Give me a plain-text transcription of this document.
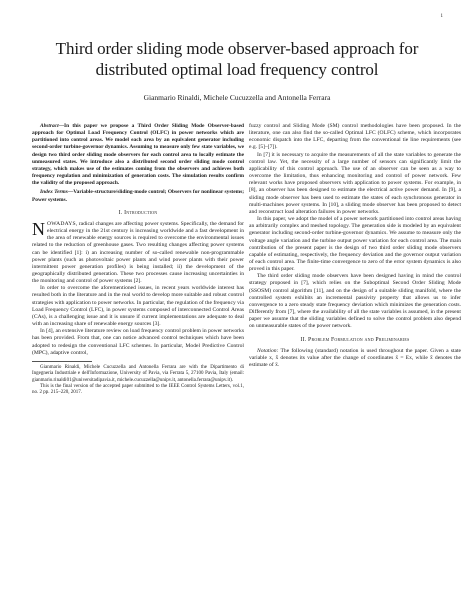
1
Third order sliding mode observer-based approach for distributed optimal load frequency control
Gianmario Rinaldi, Michele Cucuzzella and Antonella Ferrara

Abstract—In this paper we propose a Third Order Sliding Mode Observer-based approach for Optimal Load Frequency Control (OLFC) in power networks which are partitioned into control areas. We model each area by an equivalent generator including second-order turbine-governor dynamics. Assuming to measure only few state variables, we design two third order sliding mode observers for each control area to locally estimate the unmeasured states. We introduce also a distributed second order sliding mode control strategy, which makes use of the estimates coming from the observers and achieves both frequency regulation and minimization of generation costs. The simulation results confirm the validity of the proposed approach.

Index Terms—Variable-structure/sliding-mode control; Observers for nonlinear systems; Power systems.

I. Introduction

NOWADAYS, radical changes are affecting power systems. Specifically, the demand for electrical energy in the 21st century is increasing worldwide and a fast development in the area of renewable energy sources is required to overcome the environmental issues related to the reduction of greenhouse gases. Two resulting changes affecting power systems can be identified [1]: i) an increasing number of so-called renewable non-programmable power plants (such as photovoltaic power plants and wind power plants with their power intermittent power generation profiles) is being installed; ii) the development of the geographically distributed generation. These two processes cause increasing uncertainties in the monitoring and control of power systems [2].

In order to overcome the aforementioned issues, in recent years worldwide interest has resulted both in the literature and in the real world to develop more suitable and robust control strategies with application to power networks. In particular, the regulation of the frequency via Load Frequency Control (LFC), in power systems composed of interconnected Control Areas (CAs), is a challenging issue and it is unsure if current implementations are adequate to deal with an increasing share of renewable energy sources [3].

In [4], an extensive literature review on load frequency control problem in power networks has been provided. From that, one can notice advanced control techniques which have been adopted to redesign the conventional LFC schemes. In particular, Model Predictive Control (MPC), adaptive control,

Gianmario Rinaldi, Michele Cucuzzella and Antonella Ferrara are with the Dipartimento di Ingegneria Industriale e dell'Informazione, University of Pavia, via Ferrata 5, 27100 Pavia, Italy (email: gianmario.rinaldi01@universitadipavia.it, michele.cucuzzella@unipv.it, antonella.ferrara@unipv.it).

This is the final version of the accepted paper submitted to the IEEE Control Systems Letters, vol.1, no. 2 pp. 215–220, 2017.

fuzzy control and Sliding Mode (SM) control methodologies have been proposed. In the literature, one can also find the so-called Optimal LFC (OLFC) scheme, which incorporates economic dispatch into the LFC, departing from the conventional tie line requirements (see e.g. [5]–[7]).

In [7] it is necessary to acquire the measurements of all the state variables to generate the control law. Yet, the necessity of a large number of sensors can significantly limit the applicability of this control approach. The use of an observer can be seen as a way to overcome the limitation, thus enhancing monitoring and control of power network. Few relevant works have proposed observers with application to power systems. For example, in [8], an observer has been designed to estimate the electrical active power demand. In [9], a sliding mode observer has been used to estimate the states of each synchronous generator in multi-machines power systems. In [10], a sliding mode observer has been proposed to detect and reconstruct load alteration failures in power networks.

In this paper, we adopt the model of a power network partitioned into control areas having an arbitrarily complex and meshed topology. The generation side is modeled by an equivalent generator including second-order turbine-governor dynamics. We assume to measure only the voltage angle variation and the turbine output power variation for each control area. The main contribution of the present paper is the design of two third order sliding mode observers capable of estimating, respectively, the frequency deviation and the governor output variation of each control area. The finite-time convergence to zero of the error system dynamics is also proved in this paper.

The third order sliding mode observers have been designed having in mind the control strategy proposed in [7], which relies on the Suboptimal Second Order Sliding Mode (SSOSM) control algorithm [11], and on the design of a suitable sliding manifold, where the controlled system exhibits an incremental passivity property that allows us to infer convergence to a zero steady state frequency deviation which minimizes the generation costs. Differently from [7], where the availability of all the state variables is assumed, in the present paper we assume that the sliding variables defined to solve the control problem also depend on unmeasurable states of the power network.

II. Problem Formulation and Preliminaries

Notation: The following (standard) notation is used throughout the paper. Given a state variable x, x̂ denotes its value after the change of coordinates x̄ = Ex, while x̃ denotes the estimate of x̄.
